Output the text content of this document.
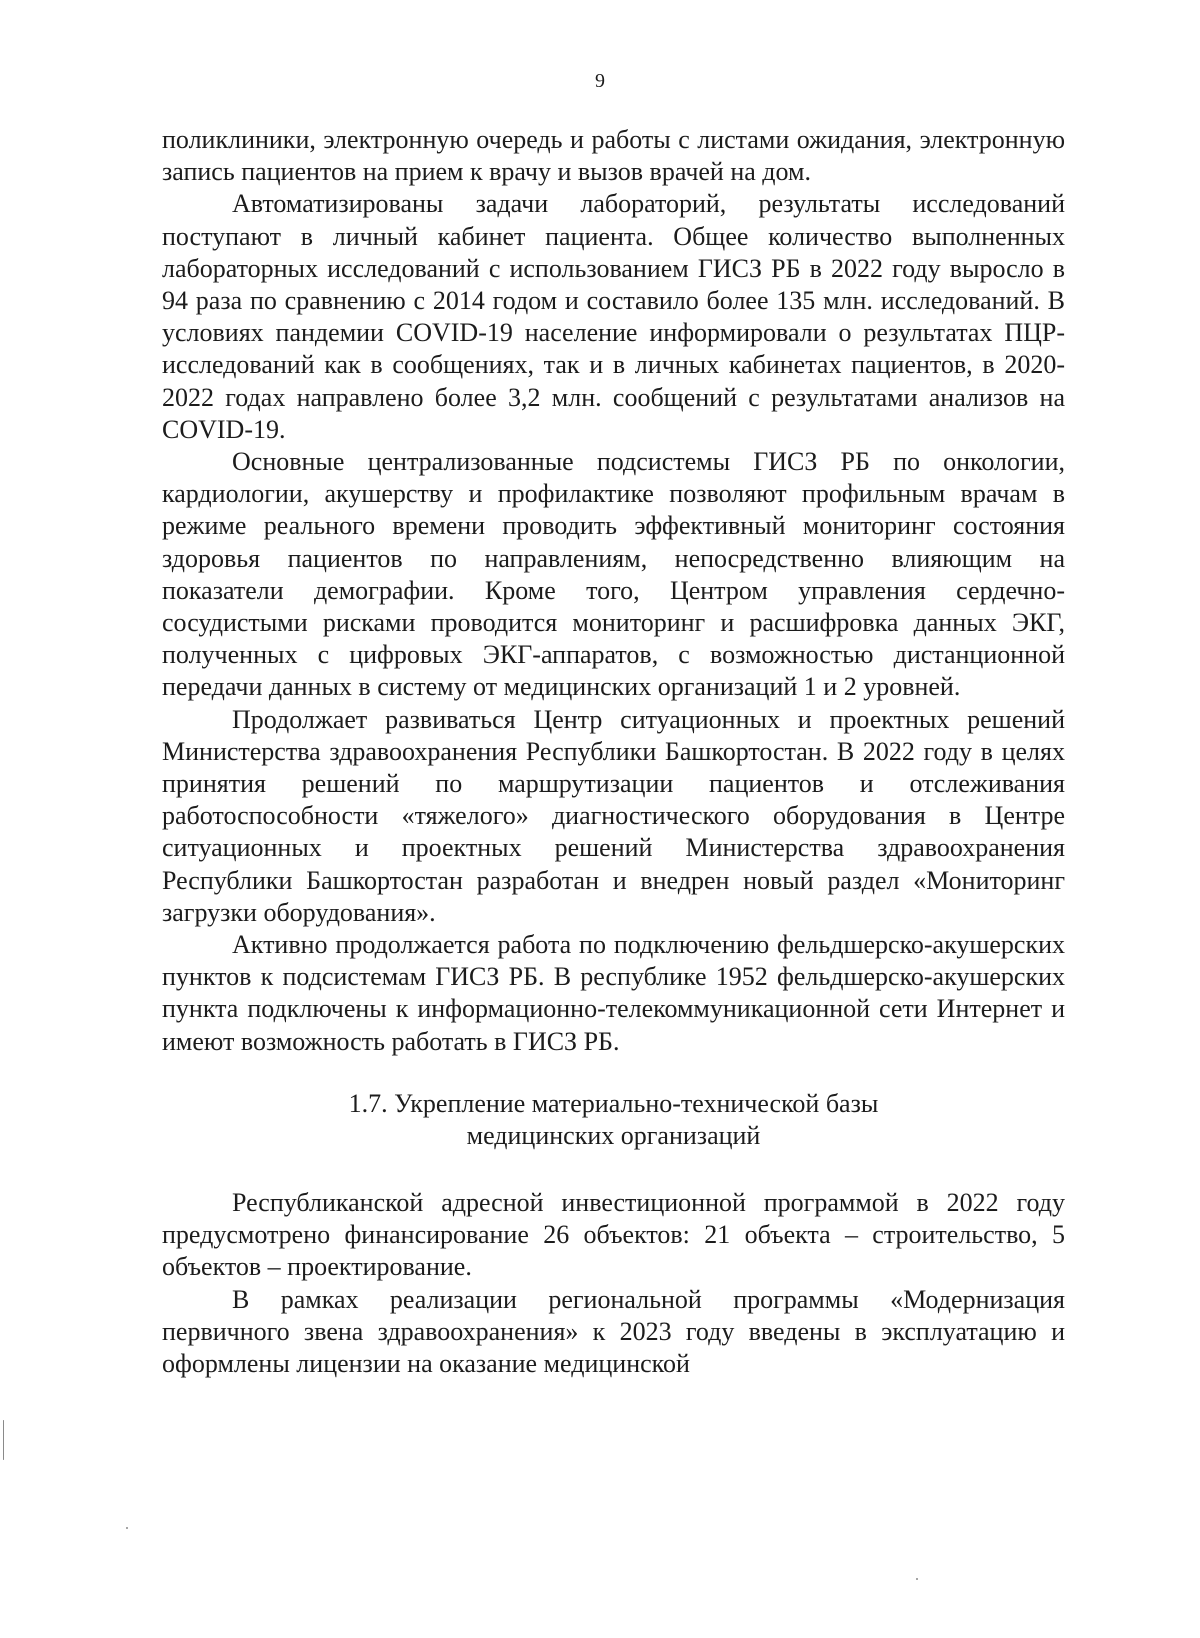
9

поликлиники, электронную очередь и работы с листами ожидания, электронную запись пациентов на прием к врачу и вызов врачей на дом.

Автоматизированы задачи лабораторий, результаты исследований поступают в личный кабинет пациента. Общее количество выполненных лабораторных исследований с использованием ГИСЗ РБ в 2022 году выросло в 94 раза по сравнению с 2014 годом и составило более 135 млн. исследований. В условиях пандемии COVID-19 население информировали о результатах ПЦР-исследований как в сообщениях, так и в личных кабинетах пациентов, в 2020-2022 годах направлено более 3,2 млн. сообщений с результатами анализов на COVID-19.

Основные централизованные подсистемы ГИСЗ РБ по онкологии, кардиологии, акушерству и профилактике позволяют профильным врачам в режиме реального времени проводить эффективный мониторинг состояния здоровья пациентов по направлениям, непосредственно влияющим на показатели демографии. Кроме того, Центром управления сердечно-сосудистыми рисками проводится мониторинг и расшифровка данных ЭКГ, полученных с цифровых ЭКГ-аппаратов, с возможностью дистанционной передачи данных в систему от медицинских организаций 1 и 2 уровней.

Продолжает развиваться Центр ситуационных и проектных решений Министерства здравоохранения Республики Башкортостан. В 2022 году в целях принятия решений по маршрутизации пациентов и отслеживания работоспособности «тяжелого» диагностического оборудования в Центре ситуационных и проектных решений Министерства здравоохранения Республики Башкортостан разработан и внедрен новый раздел «Мониторинг загрузки оборудования».

Активно продолжается работа по подключению фельдшерско-акушерских пунктов к подсистемам ГИСЗ РБ. В республике 1952 фельдшерско-акушерских пункта подключены к информационно-телекоммуникационной сети Интернет и имеют возможность работать в ГИСЗ РБ.

1.7. Укрепление материально-технической базы
медицинских организаций

Республиканской адресной инвестиционной программой в 2022 году предусмотрено финансирование 26 объектов: 21 объекта – строительство, 5 объектов – проектирование.

В рамках реализации региональной программы «Модернизация первичного звена здравоохранения» к 2023 году введены в эксплуатацию и оформлены лицензии на оказание медицинской
